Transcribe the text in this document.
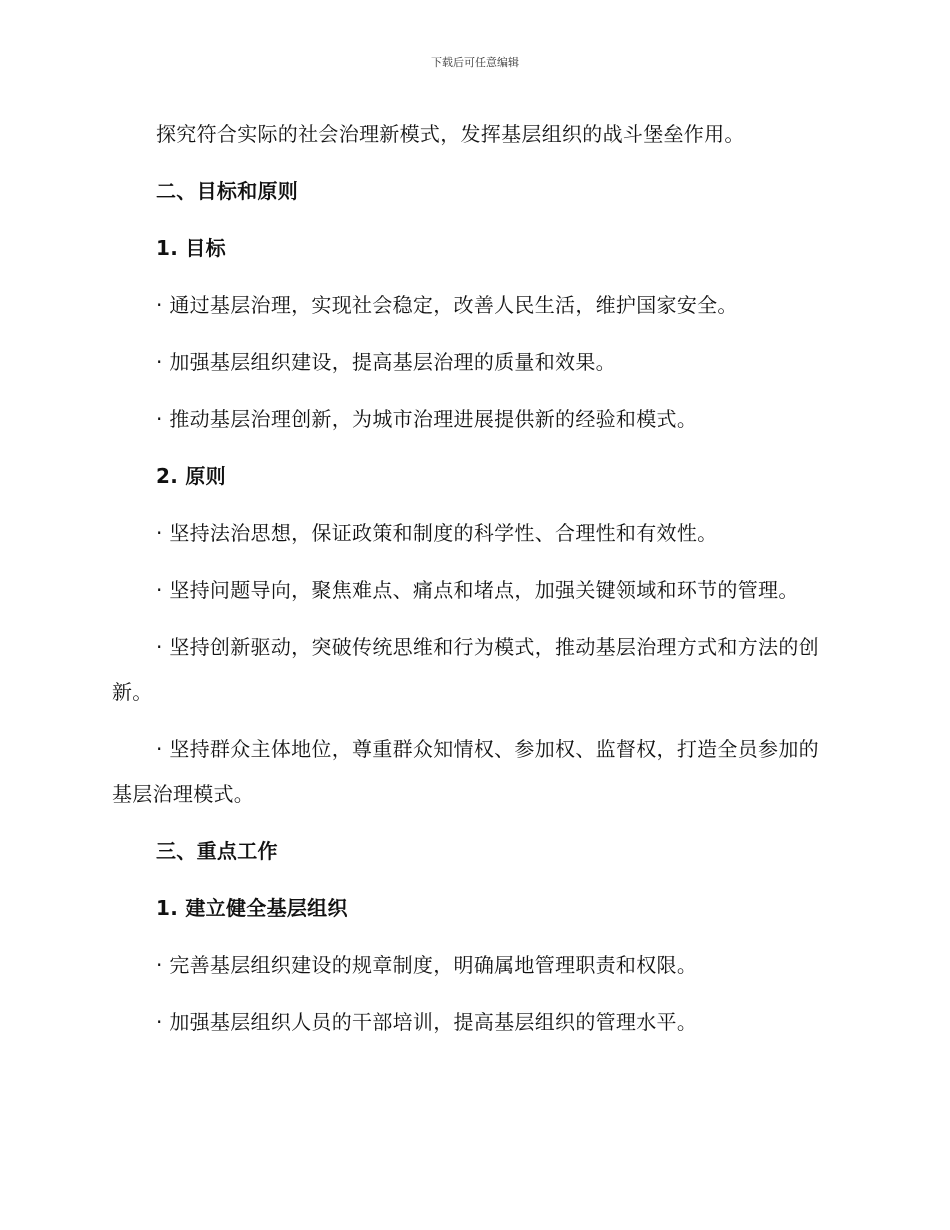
下载后可任意编辑

探究符合实际的社会治理新模式，发挥基层组织的战斗堡垒作用。

二、目标和原则

1. 目标

· 通过基层治理，实现社会稳定，改善人民生活，维护国家安全。

· 加强基层组织建设，提高基层治理的质量和效果。

· 推动基层治理创新，为城市治理进展提供新的经验和模式。

2. 原则

· 坚持法治思想，保证政策和制度的科学性、合理性和有效性。

· 坚持问题导向，聚焦难点、痛点和堵点，加强关键领域和环节的管理。

· 坚持创新驱动，突破传统思维和行为模式，推动基层治理方式和方法的创新。

· 坚持群众主体地位，尊重群众知情权、参加权、监督权，打造全员参加的基层治理模式。

三、重点工作

1. 建立健全基层组织

· 完善基层组织建设的规章制度，明确属地管理职责和权限。

· 加强基层组织人员的干部培训，提高基层组织的管理水平。
